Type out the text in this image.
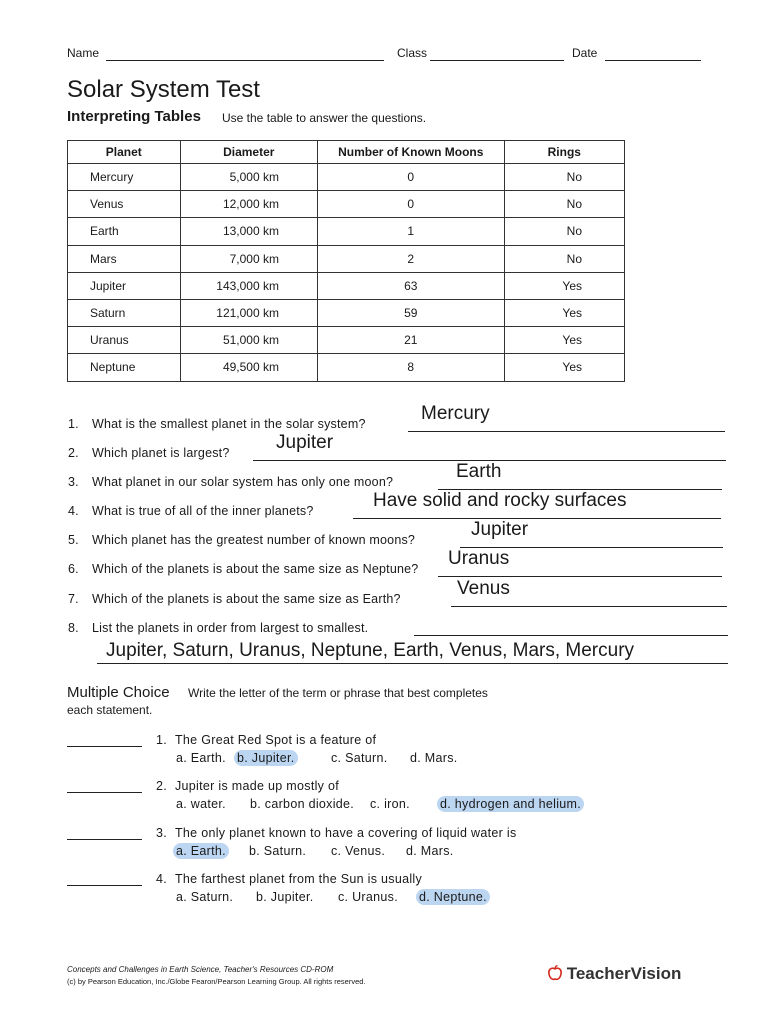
Name	Class	Date
Solar System Test
Interpreting Tables Use the table to answer the questions.
Planet	Diameter	Number of Known Moons	Rings
Mercury	5,000 km	0	No
Venus	12,000 km	0	No
Earth	13,000 km	1	No
Mars	7,000 km	2	No
Jupiter	143,000 km	63	Yes
Saturn	121,000 km	59	Yes
Uranus	51,000 km	21	Yes
Neptune	49,500 km	8	Yes
1. What is the smallest planet in the solar system?	Mercury
2. Which planet is largest? Jupiter
3. What planet in our solar system has only one moon?	Earth
4. What is true of all of the inner planets?	Have solid and rocky surfaces
5. Which planet has the greatest number of known moons?	Jupiter
6. Which of the planets is about the same size as Neptune? Uranus
7. Which of the planets is about the same size as Earth?	Venus
8. List the planets in order from largest to smallest.
Jupiter, Saturn, Uranus, Neptune, Earth, Venus, Mars, Mercury
Multiple Choice Write the letter of the term or phrase that best completes
each statement.
1. The Great Red Spot is a feature of
a. Earth. b. Jupiter.	c. Saturn. d. Mars.
2. Jupiter is made up mostly of
a. water. b. carbon dioxide. c. iron. d. hydrogen and helium.
3. The only planet known to have a covering of liquid water is
a. Earth. b. Saturn. c. Venus. d. Mars.
4. The farthest planet from the Sun is usually
a. Saturn. b. Jupiter. c. Uranus. d. Neptune.
Concepts and Challenges in Earth Science, Teacher's Resources CD-ROM
(c) by Pearson Education, Inc./Globe Fearon/Pearson Learning Group. All rights reserved.	TeacherVision
